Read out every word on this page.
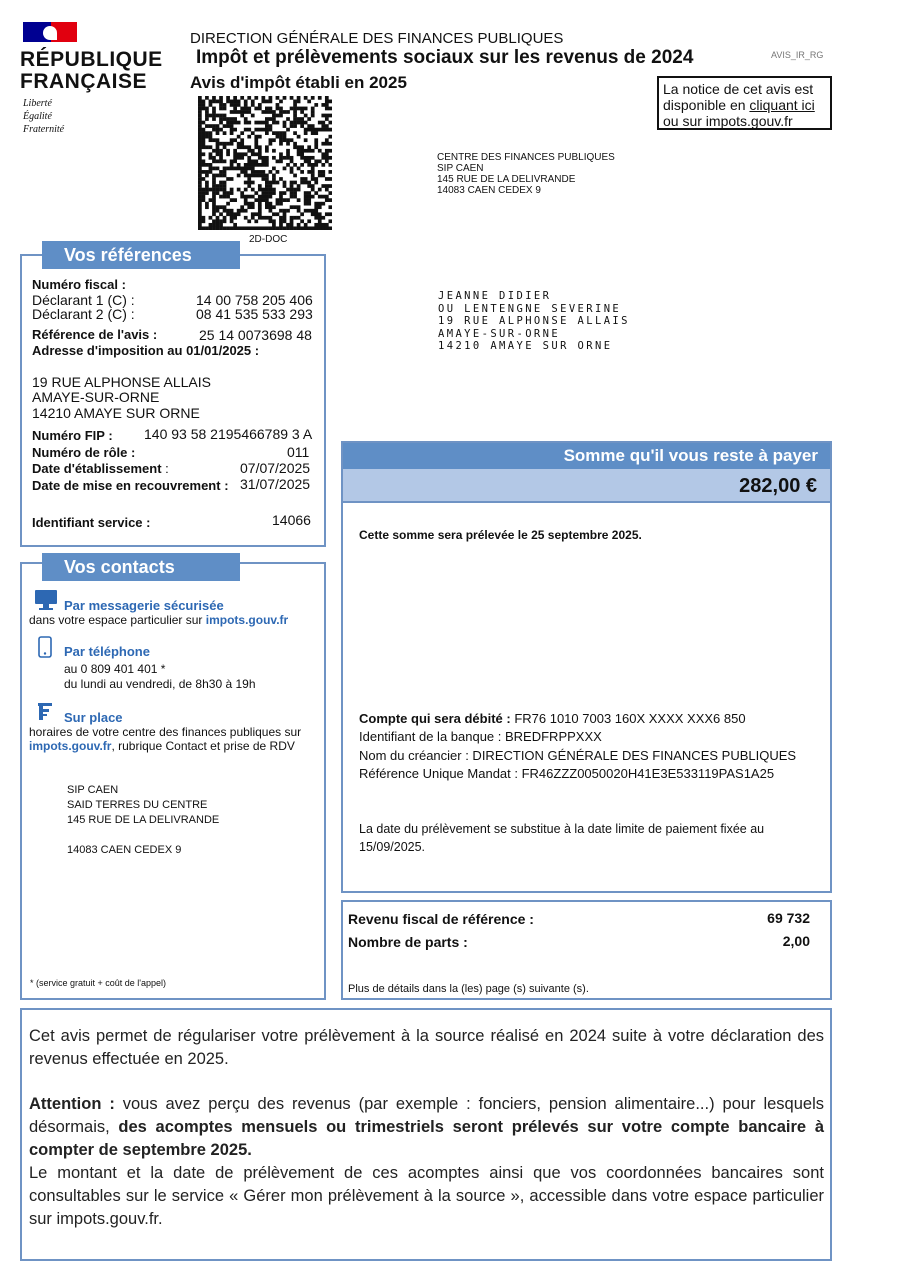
RÉPUBLIQUE
FRANÇAISE
Liberté
Égalité
Fraternité
DIRECTION GÉNÉRALE DES FINANCES PUBLIQUES
Impôt et prélèvements sociaux sur les revenus de 2024	AVIS_IR_RG
Avis d'impôt établi en 2025	La notice de cet avis est
disponible en cliquant ici
ou sur impots.gouv.fr
2D-DOC
CENTRE DES FINANCES PUBLIQUES
SIP CAEN
145 RUE DE LA DELIVRANDE
14083 CAEN CEDEX 9
JEANNE DIDIER
OU LENTENGNE SEVERINE
19 RUE ALPHONSE ALLAIS
AMAYE-SUR-ORNE
14210 AMAYE SUR ORNE
Vos références
Numéro fiscal :
Déclarant 1 (C) :	14 00 758 205 406
Déclarant 2 (C) :	08 41 535 533 293
Référence de l'avis :	25 14 0073698 48
Adresse d'imposition au 01/01/2025 :
19 RUE ALPHONSE ALLAIS
AMAYE-SUR-ORNE
14210 AMAYE SUR ORNE
Numéro FIP : 140 93 58 2195466789 3 A
Numéro de rôle :	011
Date d'établissement :	07/07/2025
Date de mise en recouvrement : 31/07/2025
Identifiant service :	14066
Vos contacts
Par messagerie sécurisée
dans votre espace particulier sur impots.gouv.fr
Par téléphone
au 0 809 401 401 *
du lundi au vendredi, de 8h30 à 19h
Sur place
horaires de votre centre des finances publiques sur
impots.gouv.fr, rubrique Contact et prise de RDV
SIP CAEN
SAID TERRES DU CENTRE
145 RUE DE LA DELIVRANDE
14083 CAEN CEDEX 9
* (service gratuit + coût de l'appel)
Somme qu'il vous reste à payer
282,00 €
Cette somme sera prélevée le 25 septembre 2025.
Compte qui sera débité : FR76 1010 7003 160X XXXX XXX6 850
Identifiant de la banque : BREDFRPPXXX
Nom du créancier : DIRECTION GÉNÉRALE DES FINANCES PUBLIQUES
Référence Unique Mandat : FR46ZZZ0050020H41E3E533119PAS1A25
La date du prélèvement se substitue à la date limite de paiement fixée au
15/09/2025.
Revenu fiscal de référence :	69 732
Nombre de parts :	2,00
Plus de détails dans la (les) page (s) suivante (s).
Cet avis permet de régulariser votre prélèvement à la source réalisé en 2024 suite à votre déclaration des revenus effectuée en 2025.
Attention : vous avez perçu des revenus (par exemple : fonciers, pension alimentaire...) pour lesquels désormais, des acomptes mensuels ou trimestriels seront prélevés sur votre compte bancaire à compter de septembre 2025.
Le montant et la date de prélèvement de ces acomptes ainsi que vos coordonnées bancaires sont consultables sur le service « Gérer mon prélèvement à la source », accessible dans votre espace particulier sur impots.gouv.fr.
